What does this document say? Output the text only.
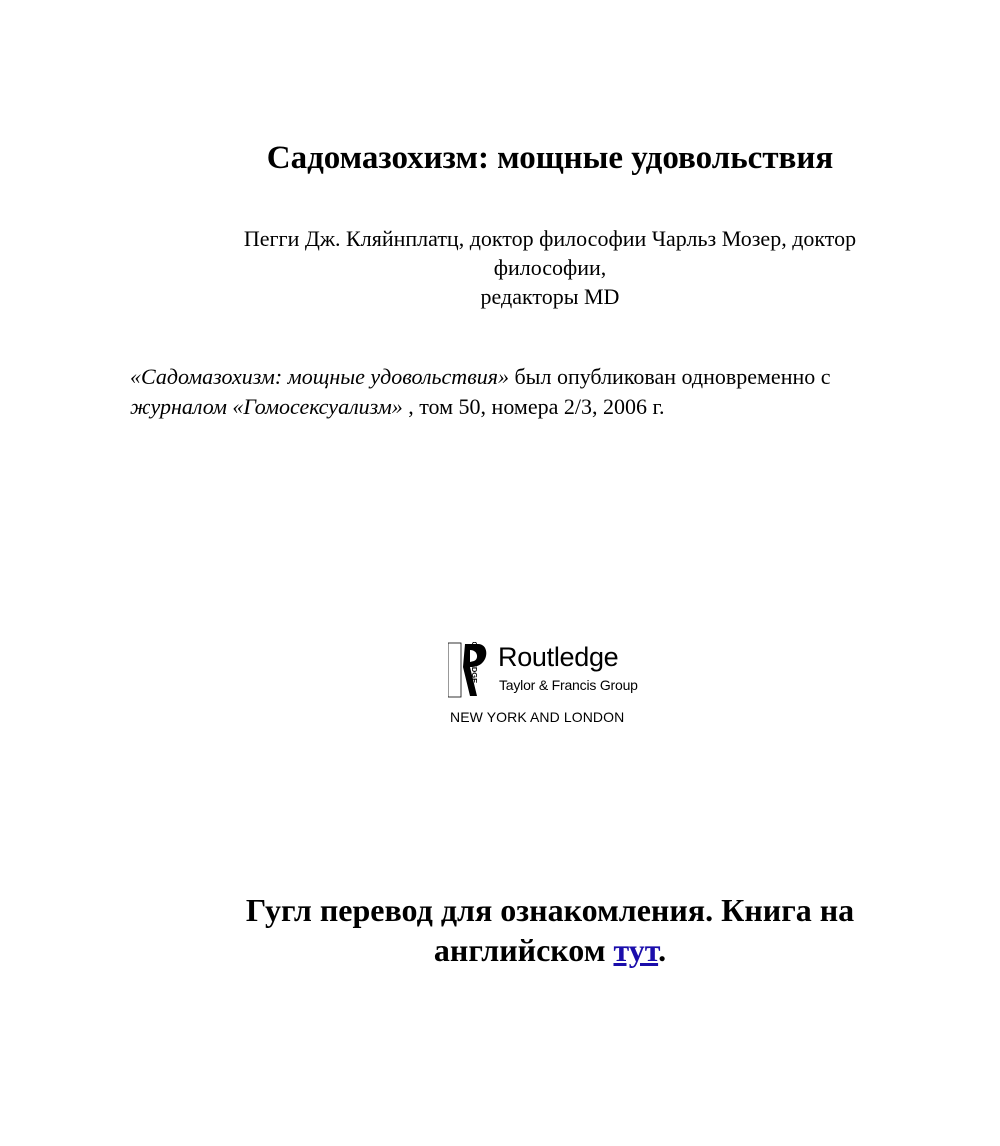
Садомазохизм: мощные удовольствия
Пегги Дж. Кляйнплатц, доктор философии Чарльз Мозер, доктор
философии,
редакторы MD
«Садомазохизм: мощные удовольствия» был опубликован одновременно с
журналом «Гомосексуализм» , том 50, номера 2/3, 2006 г.
Routledge
Taylor & Francis Group
NEW YORK AND LONDON
Гугл перевод для ознакомления. Книга на
английском тут.
